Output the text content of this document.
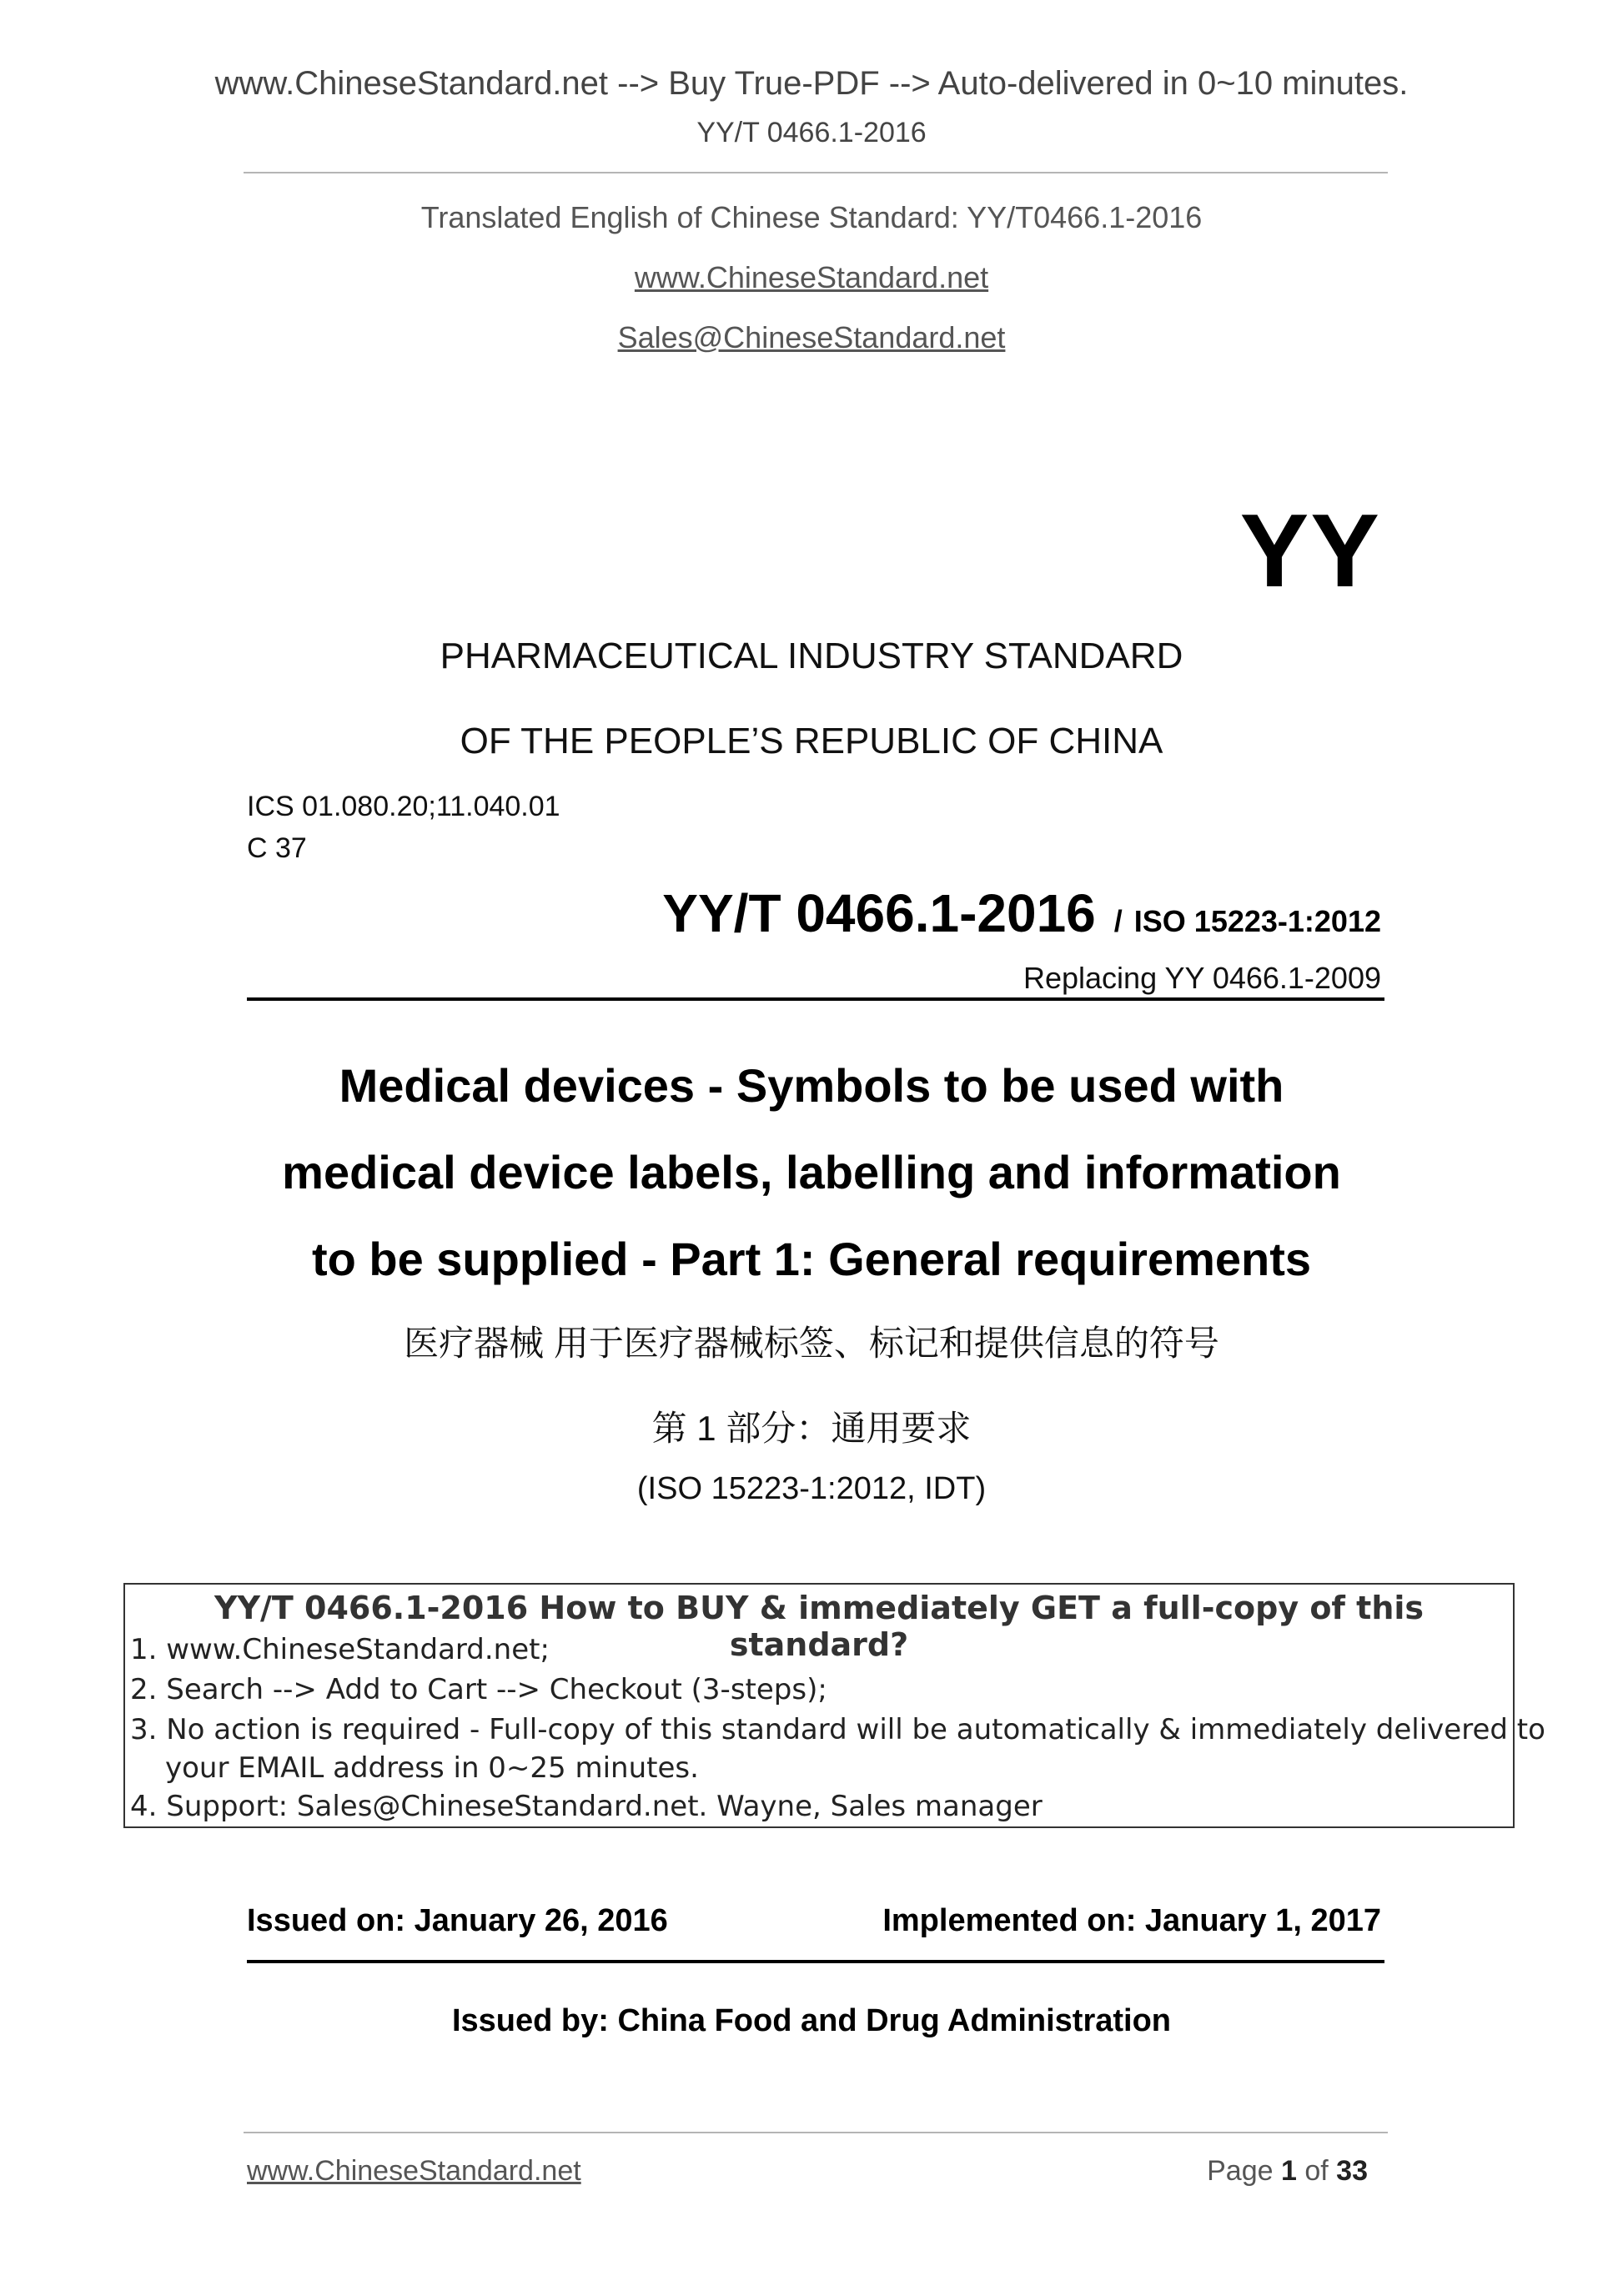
www.ChineseStandard.net --> Buy True-PDF --> Auto-delivered in 0~10 minutes.
YY/T 0466.1-2016
Translated English of Chinese Standard: YY/T0466.1-2016
www.ChineseStandard.net
Sales@ChineseStandard.net
YY
PHARMACEUTICAL INDUSTRY STANDARD
OF THE PEOPLE’S REPUBLIC OF CHINA
ICS 01.080.20;11.040.01
C 37
YY/T 0466.1-2016 / ISO 15223-1:2012
Replacing YY 0466.1-2009
Medical devices - Symbols to be used with
medical device labels, labelling and information
to be supplied - Part 1: General requirements
医疗器械 用于医疗器械标签、标记和提供信息的符号
第 1 部分：通用要求
(ISO 15223-1:2012, IDT)
YY/T 0466.1-2016 How to BUY & immediately GET a full-copy of this standard?
1. www.ChineseStandard.net;
2. Search --> Add to Cart --> Checkout (3-steps);
3. No action is required - Full-copy of this standard will be automatically & immediately delivered to
your EMAIL address in 0~25 minutes.
4. Support: Sales@ChineseStandard.net. Wayne, Sales manager
Issued on: January 26, 2016	Implemented on: January 1, 2017
Issued by: China Food and Drug Administration
www.ChineseStandard.net	Page 1 of 33
